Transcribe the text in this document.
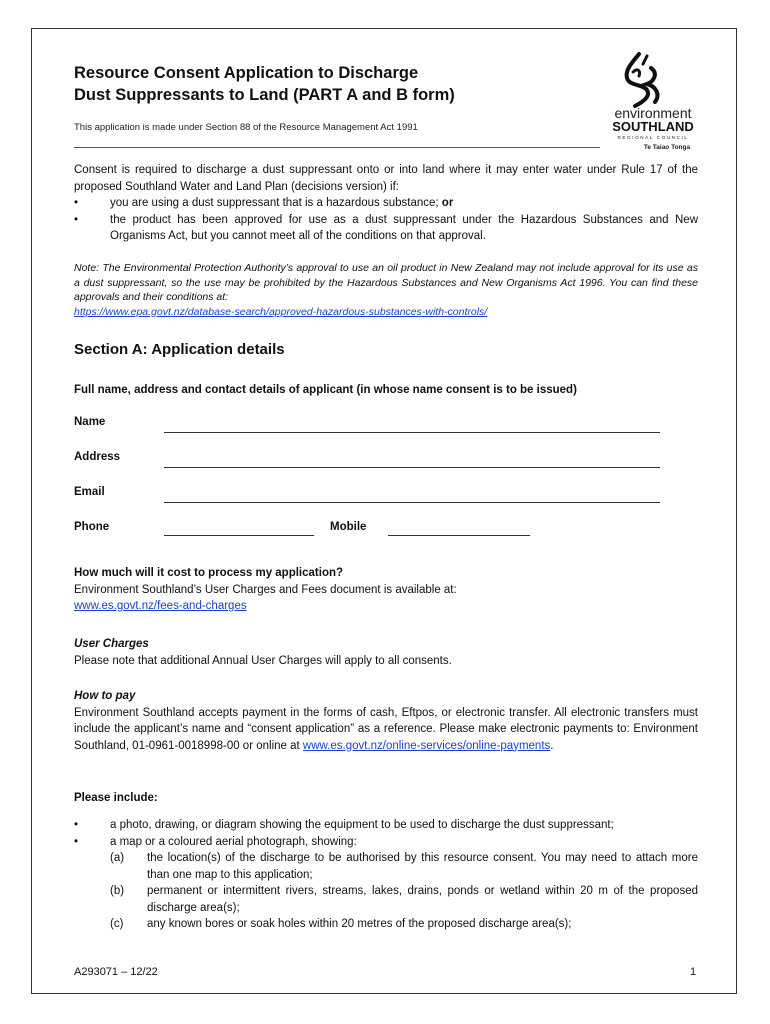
Resource Consent Application to Discharge
Dust Suppressants to Land (PART A and B form)
This application is made under Section 88 of the Resource Management Act 1991
environment
SOUTHLAND
REGIONAL COUNCIL
Te Taiao Tonga
Consent is required to discharge a dust suppressant onto or into land where it may enter water under Rule 17 of the proposed Southland Water and Land Plan (decisions version) if:
•	you are using a dust suppressant that is a hazardous substance; or
•	the product has been approved for use as a dust suppressant under the Hazardous Substances and New Organisms Act, but you cannot meet all of the conditions on that approval.
Note: The Environmental Protection Authority’s approval to use an oil product in New Zealand may not include approval for its use as a dust suppressant, so the use may be prohibited by the Hazardous Substances and New Organisms Act 1996. You can find these approvals and their conditions at:
https://www.epa.govt.nz/database-search/approved-hazardous-substances-with-controls/
Section A: Application details
Full name, address and contact details of applicant (in whose name consent is to be issued)
Name
Address
Email
Phone	Mobile
How much will it cost to process my application?
Environment Southland’s User Charges and Fees document is available at:
www.es.govt.nz/fees-and-charges
User Charges
Please note that additional Annual User Charges will apply to all consents.
How to pay
Environment Southland accepts payment in the forms of cash, Eftpos, or electronic transfer. All electronic transfers must include the applicant’s name and “consent application” as a reference. Please make electronic payments to: Environment Southland, 01-0961-0018998-00 or online at www.es.govt.nz/online-services/online-payments.
Please include:
•	a photo, drawing, or diagram showing the equipment to be used to discharge the dust suppressant;
•	a map or a coloured aerial photograph, showing:
(a) the location(s) of the discharge to be authorised by this resource consent. You may need to attach more than one map to this application;
(b) permanent or intermittent rivers, streams, lakes, drains, ponds or wetland within 20 m of the proposed discharge area(s);
(c) any known bores or soak holes within 20 metres of the proposed discharge area(s);
A293071 – 12/22	1
